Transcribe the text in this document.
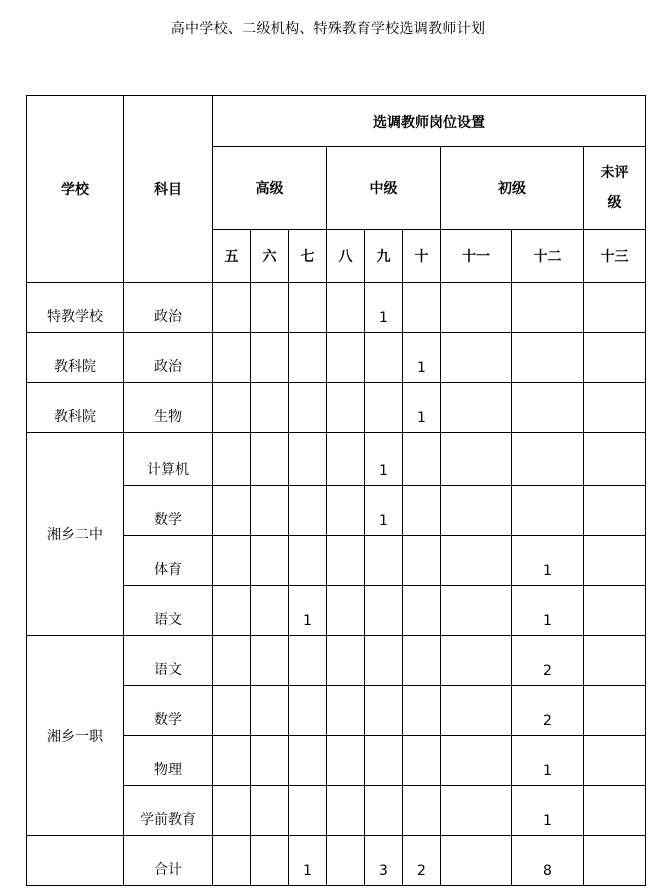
高中学校、二级机构、特殊教育学校选调教师计划
学校	科目	选调教师岗位设置								
		高级			中级			初级		未评
级
		五	六	七	八	九	十	十一	十二	十三
特教学校	政治					1				
教科院	政治						1			
教科院	生物						1			
湘乡二中	计算机					1				
	数学					1				
	体育								1	
	语文			1					1	
湘乡一职	语文								2	
	数学								2	
	物理								1	
	学前教育								1	
	合计			1		3	2		8	
